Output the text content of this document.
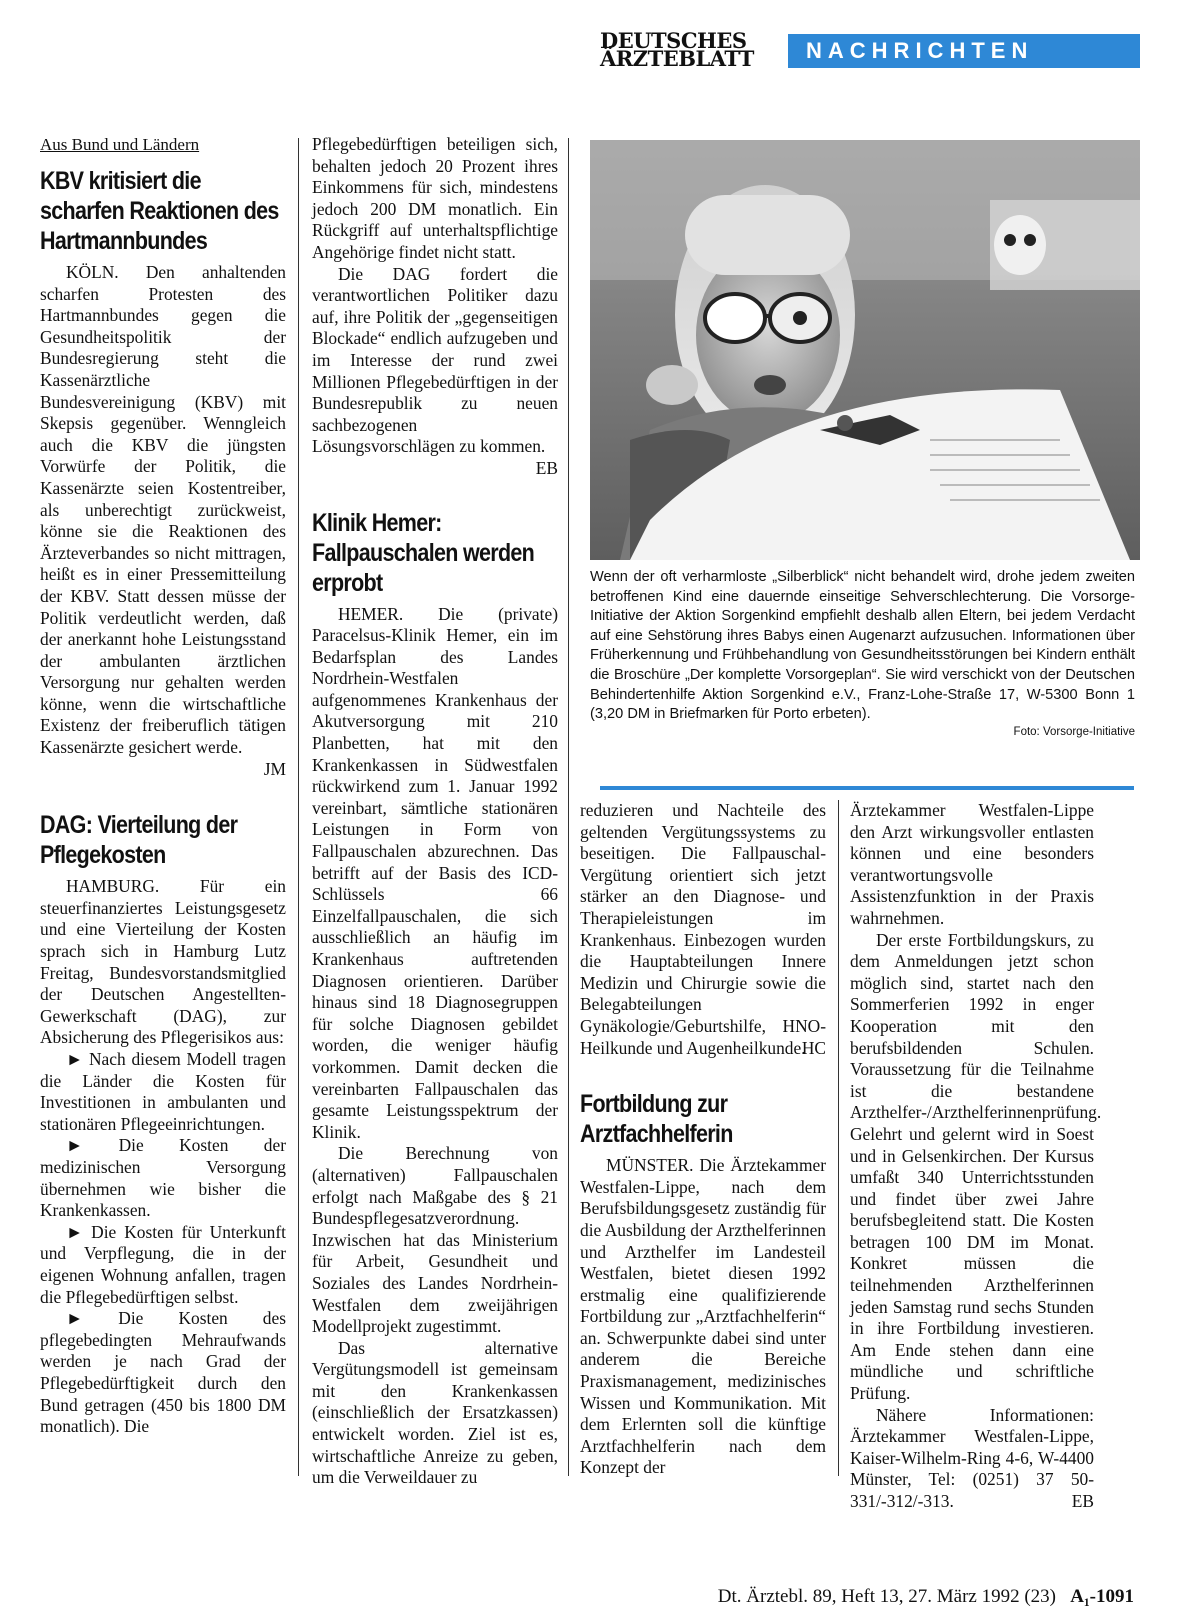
DEUTSCHES
ÄRZTEBLATT	NACHRICHTEN
Aus Bund und Ländern
KBV kritisiert die scharfen Reaktionen des Hartmannbundes

KÖLN. Den anhaltenden scharfen Protesten des Hartmannbundes gegen die Gesundheitspolitik der Bundesregierung steht die Kassenärztliche Bundesvereinigung (KBV) mit Skepsis gegenüber. Wenngleich auch die KBV die jüngsten Vorwürfe der Politik, die Kassenärzte seien Kostentreiber, als unberechtigt zurückweist, könne sie die Reaktionen des Ärzteverbandes so nicht mittragen, heißt es in einer Pressemitteilung der KBV. Statt dessen müsse der Politik verdeutlicht werden, daß der anerkannt hohe Leistungsstand der ambulanten ärztlichen Versorgung nur gehalten werden könne, wenn die wirtschaftliche Existenz der freiberuflich tätigen Kassenärzte gesichert werde.

JM
DAG: Vierteilung der Pflegekosten

HAMBURG. Für ein steuerfinanziertes Leistungsgesetz und eine Vierteilung der Kosten sprach sich in Hamburg Lutz Freitag, Bundesvorstandsmitglied der Deutschen Angestellten-Gewerkschaft (DAG), zur Absicherung des Pflegerisikos aus:

► Nach diesem Modell tragen die Länder die Kosten für Investitionen in ambulanten und stationären Pflegeeinrichtungen.

► Die Kosten der medizinischen Versorgung übernehmen wie bisher die Krankenkassen.

► Die Kosten für Unterkunft und Verpflegung, die in der eigenen Wohnung anfallen, tragen die Pflegebedürftigen selbst.

► Die Kosten des pflegebedingten Mehraufwands werden je nach Grad der Pflegebedürftigkeit durch den Bund getragen (450 bis 1800 DM monatlich). Die

Pflegebedürftigen beteiligen sich, behalten jedoch 20 Prozent ihres Einkommens für sich, mindestens jedoch 200 DM monatlich. Ein Rückgriff auf unterhaltspflichtige Angehörige findet nicht statt.

Die DAG fordert die verantwortlichen Politiker dazu auf, ihre Politik der „gegenseitigen Blockade“ endlich aufzugeben und im Interesse der rund zwei Millionen Pflegebedürftigen in der Bundesrepublik zu neuen sachbezogenen Lösungsvorschlägen zu kommen.

EB
Klinik Hemer: Fallpauschalen werden erprobt

HEMER. Die (private) Paracelsus-Klinik Hemer, ein im Bedarfsplan des Landes Nordrhein-Westfalen aufgenommenes Krankenhaus der Akutversorgung mit 210 Planbetten, hat mit den Krankenkassen in Südwestfalen rückwirkend zum 1. Januar 1992 vereinbart, sämtliche stationären Leistungen in Form von Fallpauschalen abzurechnen. Das betrifft auf der Basis des ICD-Schlüssels 66 Einzelfallpauschalen, die sich ausschließlich an häufig im Krankenhaus auftretenden Diagnosen orientieren. Darüber hinaus sind 18 Diagnosegruppen für solche Diagnosen gebildet worden, die weniger häufig vorkommen. Damit decken die vereinbarten Fallpauschalen das gesamte Leistungsspektrum der Klinik.

Die Berechnung von (alternativen) Fallpauschalen erfolgt nach Maßgabe des § 21 Bundespflegesatzverordnung. Inzwischen hat das Ministerium für Arbeit, Gesundheit und Soziales des Landes Nordrhein-Westfalen dem zweijährigen Modellprojekt zugestimmt.

Das alternative Vergütungsmodell ist gemeinsam mit den Krankenkassen (einschließlich der Ersatzkassen) entwickelt worden. Ziel ist es, wirtschaftliche Anreize zu geben, um die Verweildauer zu

Wenn der oft verharmloste „Silberblick“ nicht behandelt wird, drohe jedem zweiten betroffenen Kind eine dauernde einseitige Sehverschlechterung. Die Vorsorge-Initiative der Aktion Sorgenkind empfiehlt deshalb allen Eltern, bei jedem Verdacht auf eine Sehstörung ihres Babys einen Augenarzt aufzusuchen. Informationen über Früherkennung und Frühbehandlung von Gesundheitsstörungen bei Kindern enthält die Broschüre „Der komplette Vorsorgeplan“. Sie wird verschickt von der Deutschen Behindertenhilfe Aktion Sorgenkind e.V., Franz-Lohe-Straße 17, W-5300 Bonn 1 (3,20 DM in Briefmarken für Porto erbeten).
Foto: Vorsorge-Initiative

reduzieren und Nachteile des geltenden Vergütungssystems zu beseitigen. Die Fallpauschal-Vergütung orientiert sich jetzt stärker an den Diagnose- und Therapieleistungen im Krankenhaus. Einbezogen wurden die Hauptabteilungen Innere Medizin und Chirurgie sowie die Belegabteilungen Gynäkologie/Geburtshilfe, HNO-Heilkunde und Augenheilkunde.

HC
Fortbildung zur Arztfachhelferin

MÜNSTER. Die Ärztekammer Westfalen-Lippe, nach dem Berufsbildungsgesetz zuständig für die Ausbildung der Arzthelferinnen und Arzthelfer im Landesteil Westfalen, bietet diesen 1992 erstmalig eine qualifizierende Fortbildung zur „Arztfachhelferin“ an. Schwerpunkte dabei sind unter anderem die Bereiche Praxismanagement, medizinisches Wissen und Kommunikation. Mit dem Erlernten soll die künftige Arztfachhelferin nach dem Konzept der

Ärztekammer Westfalen-Lippe den Arzt wirkungsvoller entlasten können und eine besonders verantwortungsvolle Assistenzfunktion in der Praxis wahrnehmen.

Der erste Fortbildungskurs, zu dem Anmeldungen jetzt schon möglich sind, startet nach den Sommerferien 1992 in enger Kooperation mit den berufsbildenden Schulen. Voraussetzung für die Teilnahme ist die bestandene Arzthelfer-/Arzthelferinnenprüfung. Gelehrt und gelernt wird in Soest und in Gelsenkirchen. Der Kursus umfaßt 340 Unterrichtsstunden und findet über zwei Jahre berufsbegleitend statt. Die Kosten betragen 100 DM im Monat. Konkret müssen die teilnehmenden Arzthelferinnen jeden Samstag rund sechs Stunden in ihre Fortbildung investieren. Am Ende stehen dann eine mündliche und schriftliche Prüfung.

Nähere Informationen: Ärztekammer Westfalen-Lippe, Kaiser-Wilhelm-Ring 4-6, W-4400 Münster, Tel: (0251) 37 50-331/-312/-313.	EB
Dt. Ärztebl. 89, Heft 13, 27. März 1992 (23) A₁-1091
